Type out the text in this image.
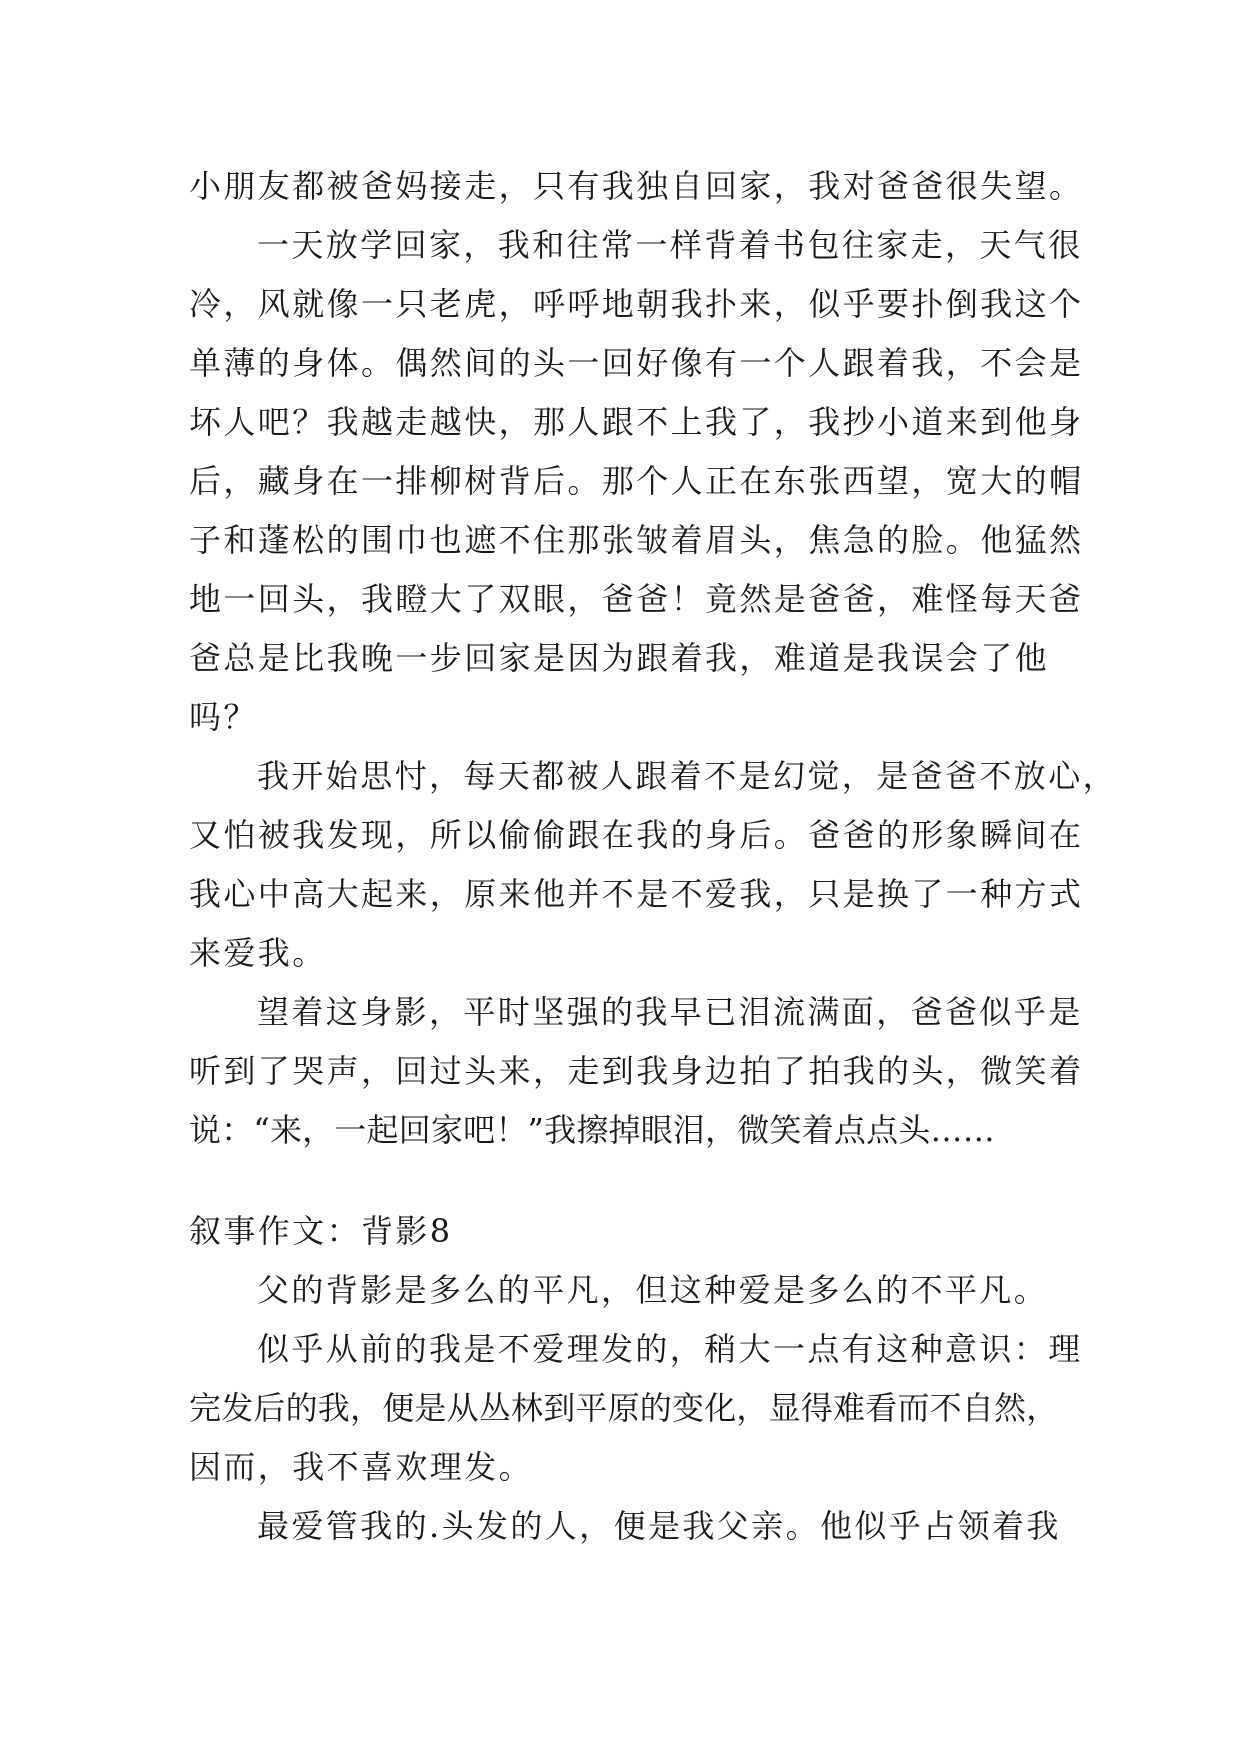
小朋友都被爸妈接走，只有我独自回家，我对爸爸很失望。
一天放学回家，我和往常一样背着书包往家走，天气很
冷，风就像一只老虎，呼呼地朝我扑来，似乎要扑倒我这个
单薄的身体。偶然间的头一回好像有一个人跟着我，不会是
坏人吧？我越走越快，那人跟不上我了，我抄小道来到他身
后，藏身在一排柳树背后。那个人正在东张西望，宽大的帽
子和蓬松的围巾也遮不住那张皱着眉头，焦急的脸。他猛然
地一回头，我瞪大了双眼，爸爸！竟然是爸爸，难怪每天爸
爸总是比我晚一步回家是因为跟着我，难道是我误会了他
吗？
我开始思忖，每天都被人跟着不是幻觉，是爸爸不放心，
又怕被我发现，所以偷偷跟在我的身后。爸爸的形象瞬间在
我心中高大起来，原来他并不是不爱我，只是换了一种方式
来爱我。
望着这身影，平时坚强的我早已泪流满面，爸爸似乎是
听到了哭声，回过头来，走到我身边拍了拍我的头，微笑着
说：“来，一起回家吧！”我擦掉眼泪，微笑着点点头……
叙事作文：背影8
父的背影是多么的平凡，但这种爱是多么的不平凡。
似乎从前的我是不爱理发的，稍大一点有这种意识：理
完发后的我，便是从丛林到平原的变化，显得难看而不自然，
因而，我不喜欢理发。
最爱管我的.头发的人，便是我父亲。他似乎占领着我
